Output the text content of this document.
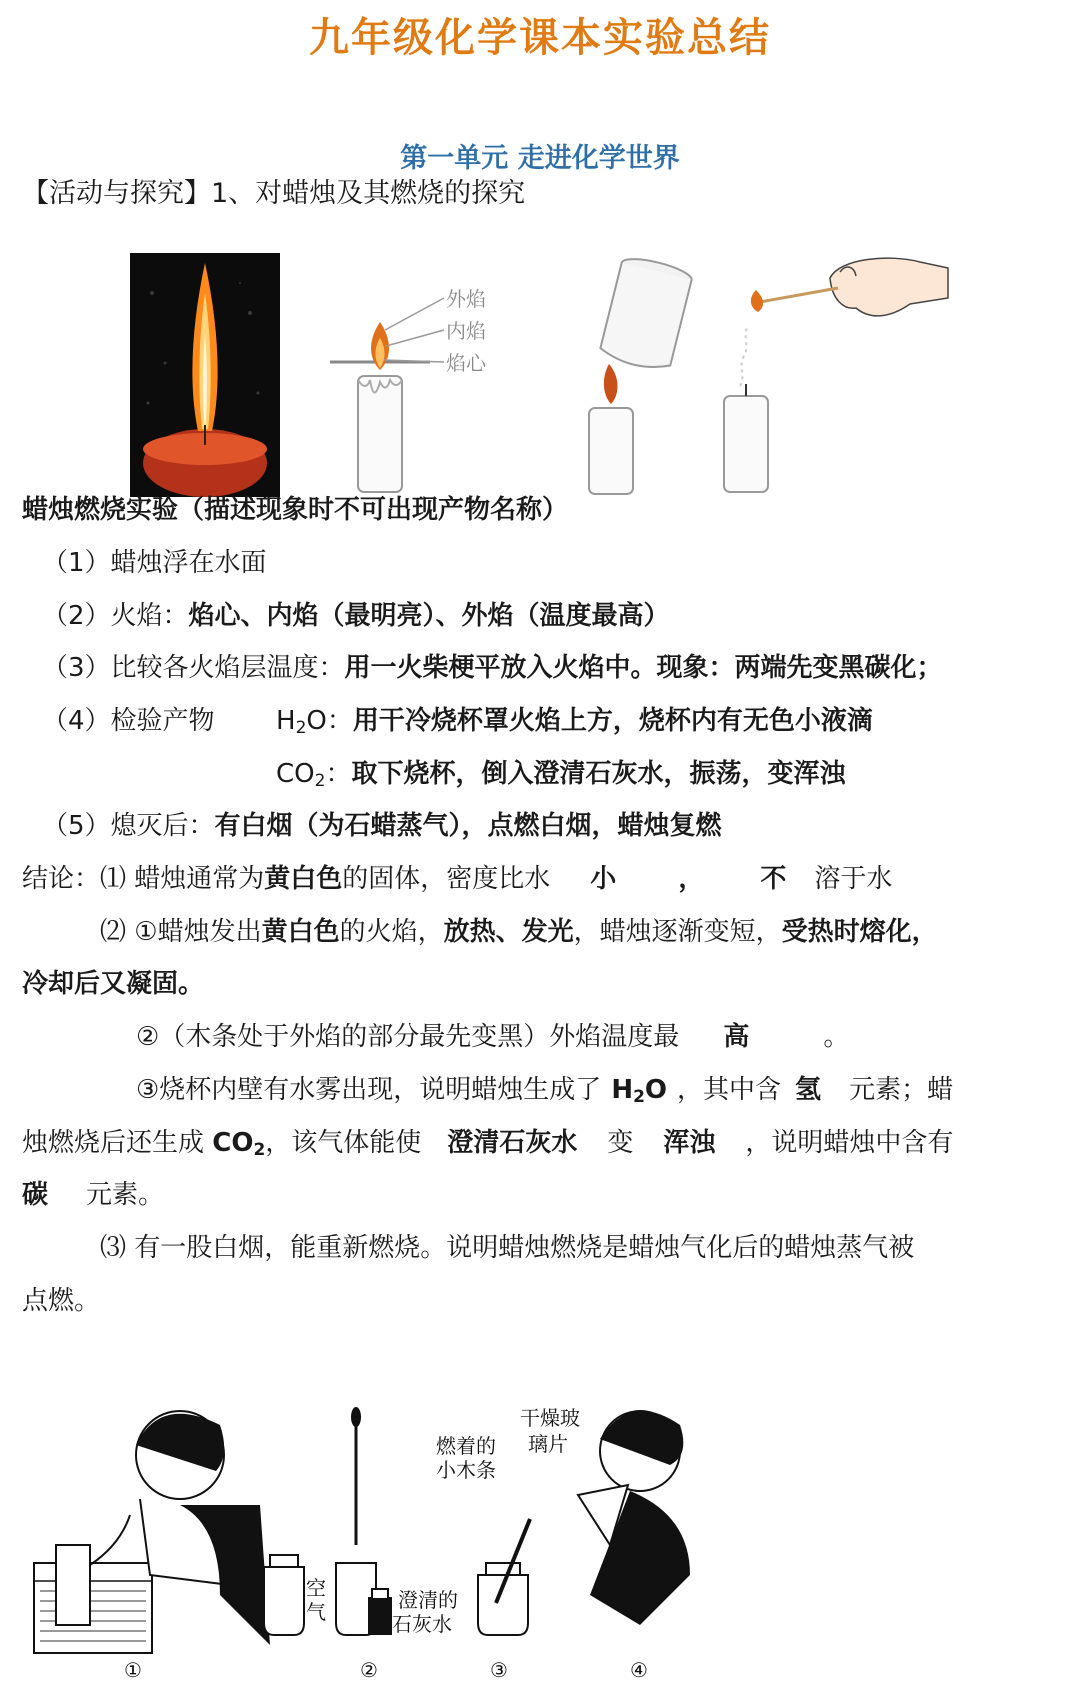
九年级化学课本实验总结
第一单元 走进化学世界
【活动与探究】1、对蜡烛及其燃烧的探究
外焰
内焰
焰心
蜡烛燃烧实验（描述现象时不可出现产物名称）
（1）蜡烛浮在水面
（2）火焰：焰心、内焰（最明亮）、外焰（温度最高）
（3）比较各火焰层温度：用一火柴梗平放入火焰中。现象：两端先变黑碳化；
（4）检验产物 $H_2O$：用干冷烧杯罩火焰上方，烧杯内有无色小液滴
$CO_2$：取下烧杯，倒入澄清石灰水，振荡，变浑浊
（5）熄灭后：有白烟（为石蜡蒸气），点燃白烟，蜡烛复燃
结论：⑴ 蜡烛通常为黄白色的固体，密度比水 小 ， 不 溶于水
⑵ ①蜡烛发出黄白色的火焰，放热、发光，蜡烛逐渐变短，受热时熔化，
冷却后又凝固。
②（木条处于外焰的部分最先变黑）外焰温度最 高	。
③烧杯内壁有水雾出现，说明蜡烛生成了 $H_2O$ ，其中含 氢 元素；蜡
烛燃烧后还生成 $CO_2$，该气体能使 澄清石灰水 变 浑浊 ，说明蜡烛中含有
碳 元素。
⑶ 有一股白烟，能重新燃烧。说明蜡烛燃烧是蜡烛气化后的蜡烛蒸气被
点燃。
空
气	澄清的
石灰水
燃着的
小木条
干燥玻
璃片
①	②	③	④
